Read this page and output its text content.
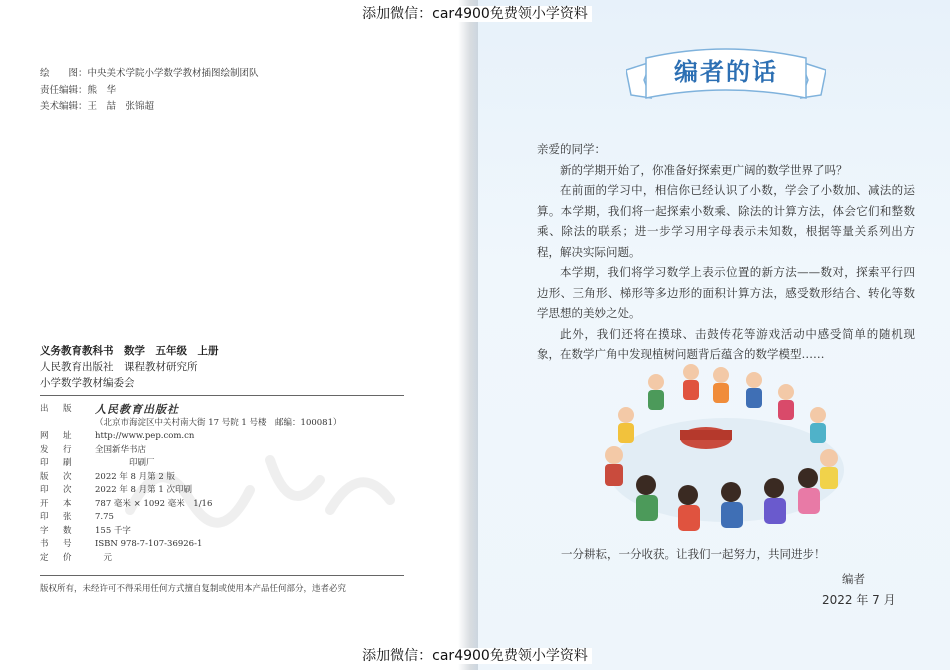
添加微信：car4900免费领小学资料
绘　　图：中央美术学院小学数学教材插图绘制团队
责任编辑：熊　华
美术编辑：王　喆　张锦超
义务教育教科书　数学　五年级　上册
人民教育出版社　课程教材研究所
小学数学教材编委会
出　版	人民教育出版社
（北京市海淀区中关村南大街 17 号院 1 号楼　邮编：100081）
网　址	http://www.pep.com.cn
发　行	全国新华书店
印　刷	　　　　印刷厂
版　次	2022 年 8 月第 2 版
印　次	2022 年 8 月第 1 次印刷
开　本	787 毫米 × 1092 毫米　1/16
印　张	7.75
字　数	155 千字
书　号	ISBN 978-7-107-36926-1
定　价	　元
版权所有，未经许可不得采用任何方式擅自复制或使用本产品任何部分，违者必究
编者的话

亲爱的同学：

新的学期开始了，你准备好探索更广阔的数学世界了吗？

在前面的学习中，相信你已经认识了小数，学会了小数加、减法的运算。本学期，我们将一起探索小数乘、除法的计算方法，体会它们和整数乘、除法的联系；进一步学习用字母表示未知数，根据等量关系列出方程，解决实际问题。

本学期，我们将学习数学上表示位置的新方法——数对，探索平行四边形、三角形、梯形等多边形的面积计算方法，感受数形结合、转化等数学思想的美妙之处。

此外，我们还将在摸球、击鼓传花等游戏活动中感受简单的随机现象，在数学广角中发现植树问题背后蕴含的数学模型……

一分耕耘，一分收获。让我们一起努力，共同进步！
编者
2022 年 7 月
添加微信：car4900免费领小学资料
